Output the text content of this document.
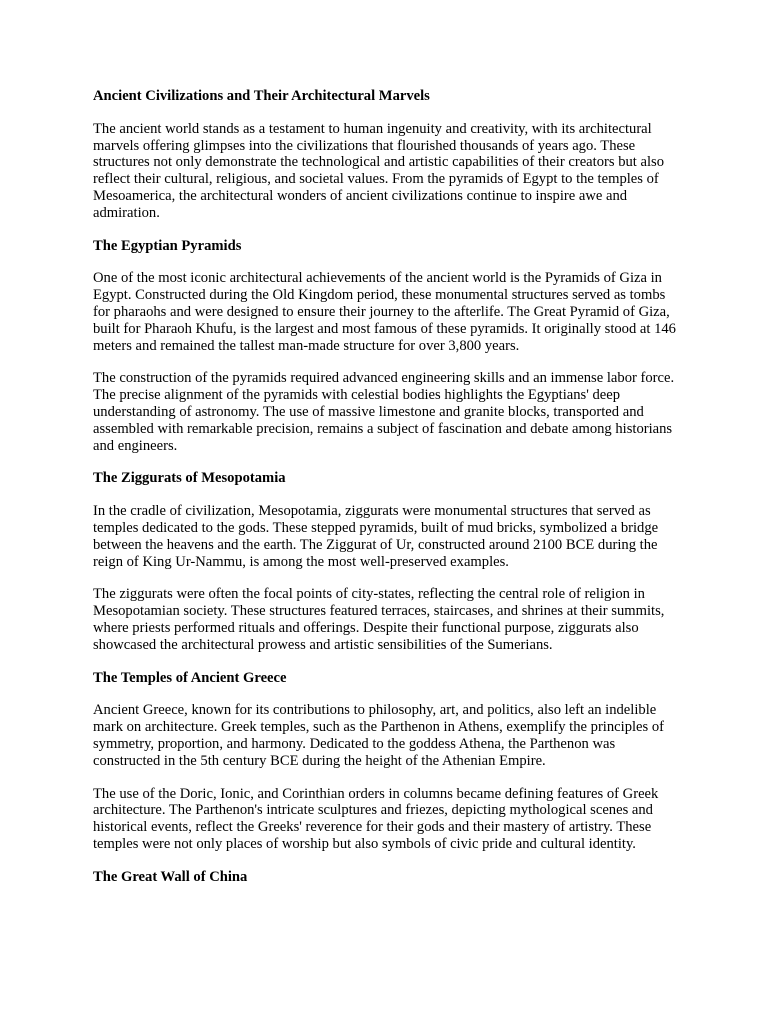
Ancient Civilizations and Their Architectural Marvels

The ancient world stands as a testament to human ingenuity and creativity, with its architectural marvels offering glimpses into the civilizations that flourished thousands of years ago. These structures not only demonstrate the technological and artistic capabilities of their creators but also reflect their cultural, religious, and societal values. From the pyramids of Egypt to the temples of Mesoamerica, the architectural wonders of ancient civilizations continue to inspire awe and admiration.

The Egyptian Pyramids

One of the most iconic architectural achievements of the ancient world is the Pyramids of Giza in Egypt. Constructed during the Old Kingdom period, these monumental structures served as tombs for pharaohs and were designed to ensure their journey to the afterlife. The Great Pyramid of Giza, built for Pharaoh Khufu, is the largest and most famous of these pyramids. It originally stood at 146 meters and remained the tallest man-made structure for over 3,800 years.

The construction of the pyramids required advanced engineering skills and an immense labor force. The precise alignment of the pyramids with celestial bodies highlights the Egyptians' deep understanding of astronomy. The use of massive limestone and granite blocks, transported and assembled with remarkable precision, remains a subject of fascination and debate among historians and engineers.

The Ziggurats of Mesopotamia

In the cradle of civilization, Mesopotamia, ziggurats were monumental structures that served as temples dedicated to the gods. These stepped pyramids, built of mud bricks, symbolized a bridge between the heavens and the earth. The Ziggurat of Ur, constructed around 2100 BCE during the reign of King Ur-Nammu, is among the most well-preserved examples.

The ziggurats were often the focal points of city-states, reflecting the central role of religion in Mesopotamian society. These structures featured terraces, staircases, and shrines at their summits, where priests performed rituals and offerings. Despite their functional purpose, ziggurats also showcased the architectural prowess and artistic sensibilities of the Sumerians.

The Temples of Ancient Greece

Ancient Greece, known for its contributions to philosophy, art, and politics, also left an indelible mark on architecture. Greek temples, such as the Parthenon in Athens, exemplify the principles of symmetry, proportion, and harmony. Dedicated to the goddess Athena, the Parthenon was constructed in the 5th century BCE during the height of the Athenian Empire.

The use of the Doric, Ionic, and Corinthian orders in columns became defining features of Greek architecture. The Parthenon's intricate sculptures and friezes, depicting mythological scenes and historical events, reflect the Greeks' reverence for their gods and their mastery of artistry. These temples were not only places of worship but also symbols of civic pride and cultural identity.

The Great Wall of China
